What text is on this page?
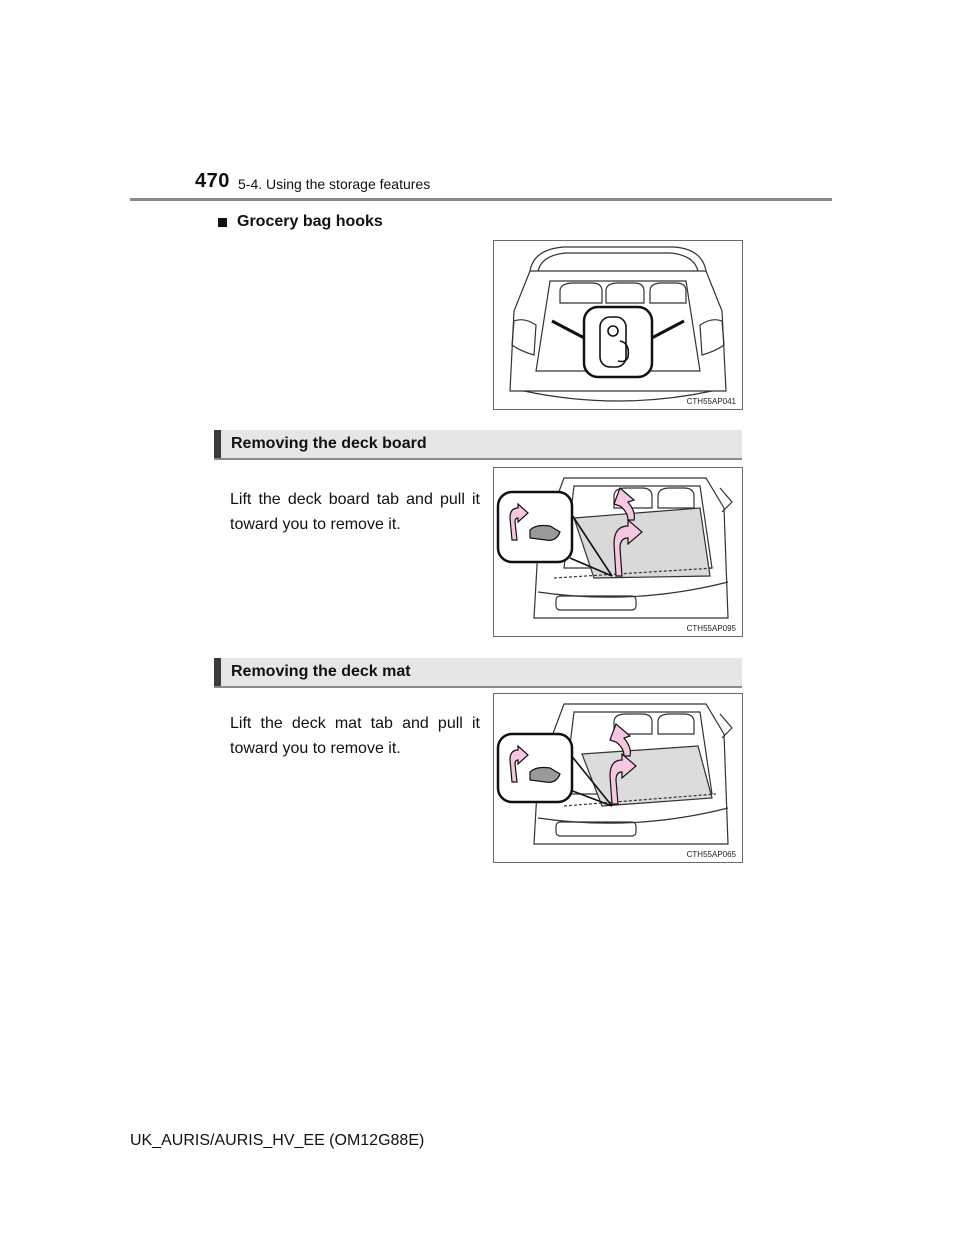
470 5-4. Using the storage features
Grocery bag hooks
CTH55AP041
Removing the deck board
Lift the deck board tab and pull it toward you to remove it.
CTH55AP095
Removing the deck mat
Lift the deck mat tab and pull it toward you to remove it.
CTH55AP065
UK_AURIS/AURIS_HV_EE (OM12G88E)
